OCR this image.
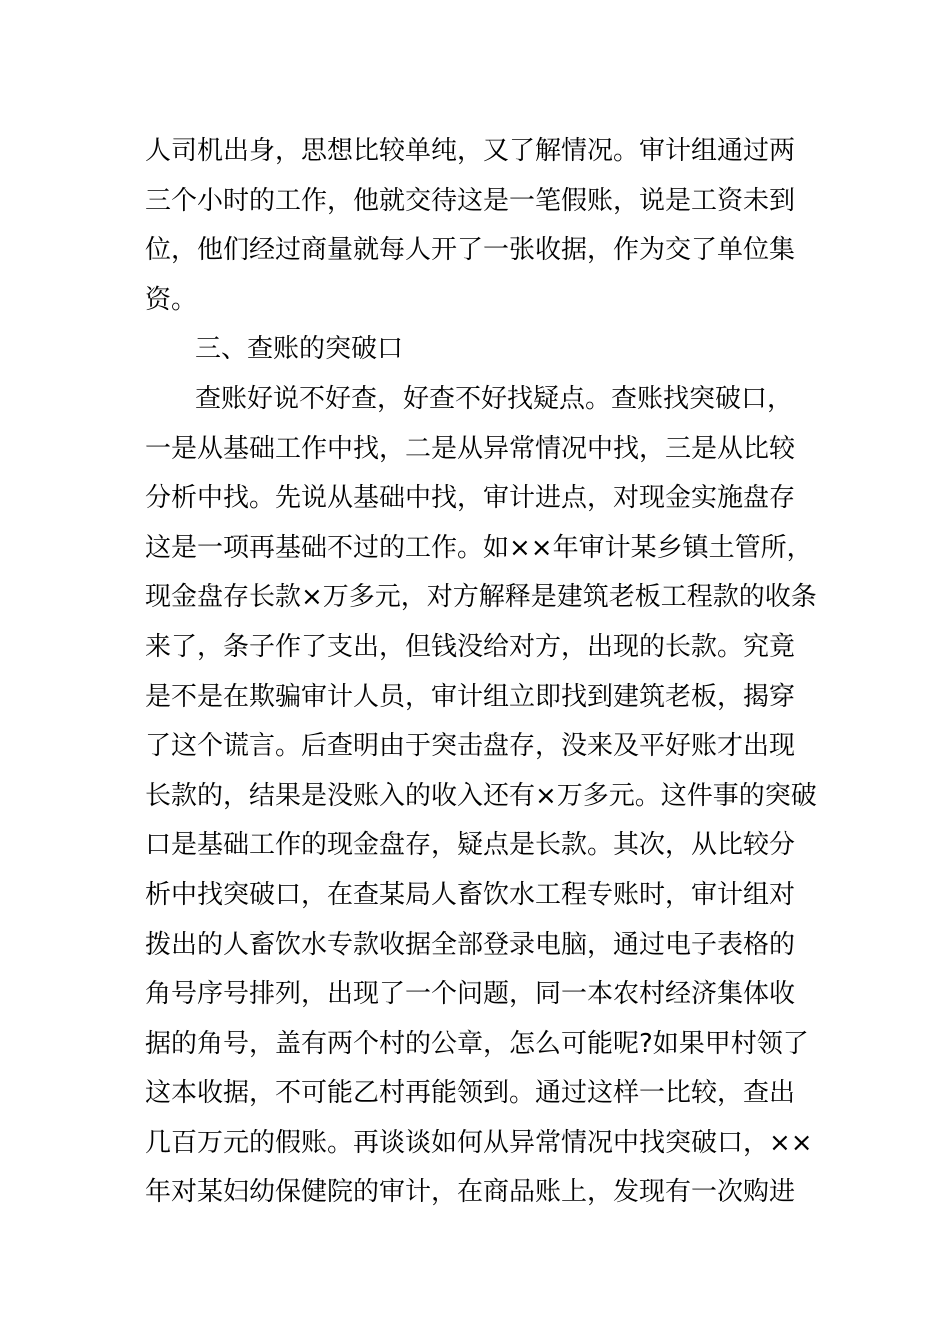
人司机出身，思想比较单纯，又了解情况。审计组通过两
三个小时的工作，他就交待这是一笔假账，说是工资未到
位，他们经过商量就每人开了一张收据，作为交了单位集
资。
三、查账的突破口
查账好说不好查，好查不好找疑点。查账找突破口，
一是从基础工作中找，二是从异常情况中找，三是从比较
分析中找。先说从基础中找，审计进点，对现金实施盘存
这是一项再基础不过的工作。如××年审计某乡镇土管所，
现金盘存长款×万多元，对方解释是建筑老板工程款的收条
来了，条子作了支出，但钱没给对方，出现的长款。究竟
是不是在欺骗审计人员，审计组立即找到建筑老板，揭穿
了这个谎言。后查明由于突击盘存，没来及平好账才出现
长款的，结果是没账入的收入还有×万多元。这件事的突破
口是基础工作的现金盘存，疑点是长款。其次，从比较分
析中找突破口，在查某局人畜饮水工程专账时，审计组对
拨出的人畜饮水专款收据全部登录电脑，通过电子表格的
角号序号排列，出现了一个问题，同一本农村经济集体收
据的角号，盖有两个村的公章，怎么可能呢?如果甲村领了
这本收据，不可能乙村再能领到。通过这样一比较，查出
几百万元的假账。再谈谈如何从异常情况中找突破口，××
年对某妇幼保健院的审计，在商品账上，发现有一次购进
